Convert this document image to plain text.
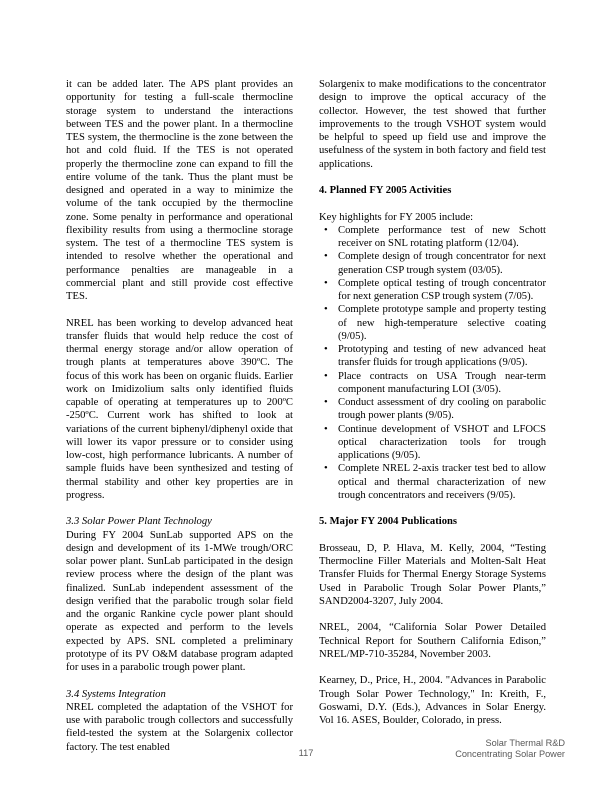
it can be added later. The APS plant provides an opportunity for testing a full-scale thermocline storage system to understand the interactions between TES and the power plant. In a thermocline TES system, the thermocline is the zone between the hot and cold fluid. If the TES is not operated properly the thermocline zone can expand to fill the entire volume of the tank. Thus the plant must be designed and operated in a way to minimize the volume of the tank occupied by the thermocline zone. Some penalty in performance and operational flexibility results from using a thermocline storage system. The test of a thermocline TES system is intended to resolve whether the operational and performance penalties are manageable in a commercial plant and still provide cost effective TES.

NREL has been working to develop advanced heat transfer fluids that would help reduce the cost of thermal energy storage and/or allow operation of trough plants at temperatures above 390ºC. The focus of this work has been on organic fluids. Earlier work on Imidizolium salts only identified fluids capable of operating at temperatures up to 200ºC -250ºC. Current work has shifted to look at variations of the current biphenyl/diphenyl oxide that will lower its vapor pressure or to consider using low-cost, high performance lubricants. A number of sample fluids have been synthesized and testing of thermal stability and other key properties are in progress.

3.3 Solar Power Plant Technology

During FY 2004 SunLab supported APS on the design and development of its 1-MWe trough/ORC solar power plant. SunLab participated in the design review process where the design of the plant was finalized. SunLab independent assessment of the design verified that the parabolic trough solar field and the organic Rankine cycle power plant should operate as expected and perform to the levels expected by APS. SNL completed a preliminary prototype of its PV O&M database program adapted for uses in a parabolic trough power plant.

3.4 Systems Integration

NREL completed the adaptation of the VSHOT for use with parabolic trough collectors and successfully field-tested the system at the Solargenix collector factory. The test enabled

Solargenix to make modifications to the concentrator design to improve the optical accuracy of the collector. However, the test showed that further improvements to the trough VSHOT system would be helpful to speed up field use and improve the usefulness of the system in both factory and field test applications.

4. Planned FY 2005 Activities

Key highlights for FY 2005 include:

• Complete performance test of new Schott receiver on SNL rotating platform (12/04).
• Complete design of trough concentrator for next generation CSP trough system (03/05).
• Complete optical testing of trough concentrator for next generation CSP trough system (7/05).
• Complete prototype sample and property testing of new high-temperature selective coating (9/05).
• Prototyping and testing of new advanced heat transfer fluids for trough applications (9/05).
• Place contracts on USA Trough near-term component manufacturing LOI (3/05).
• Conduct assessment of dry cooling on parabolic trough power plants (9/05).
• Continue development of VSHOT and LFOCS optical characterization tools for trough applications (9/05).
• Complete NREL 2-axis tracker test bed to allow optical and thermal characterization of new trough concentrators and receivers (9/05).
5. Major FY 2004 Publications

Brosseau, D, P. Hlava, M. Kelly, 2004, “Testing Thermocline Filler Materials and Molten-Salt Heat Transfer Fluids for Thermal Energy Storage Systems Used in Parabolic Trough Solar Power Plants,” SAND2004-3207, July 2004.

NREL, 2004, “California Solar Power Detailed Technical Report for Southern California Edison,” NREL/MP-710-35284, November 2003.

Kearney, D., Price, H., 2004. "Advances in Parabolic Trough Solar Power Technology," In: Kreith, F., Goswami, D.Y. (Eds.), Advances in Solar Energy. Vol 16. ASES, Boulder, Colorado, in press.

117
Solar Thermal R&D
Concentrating Solar Power
